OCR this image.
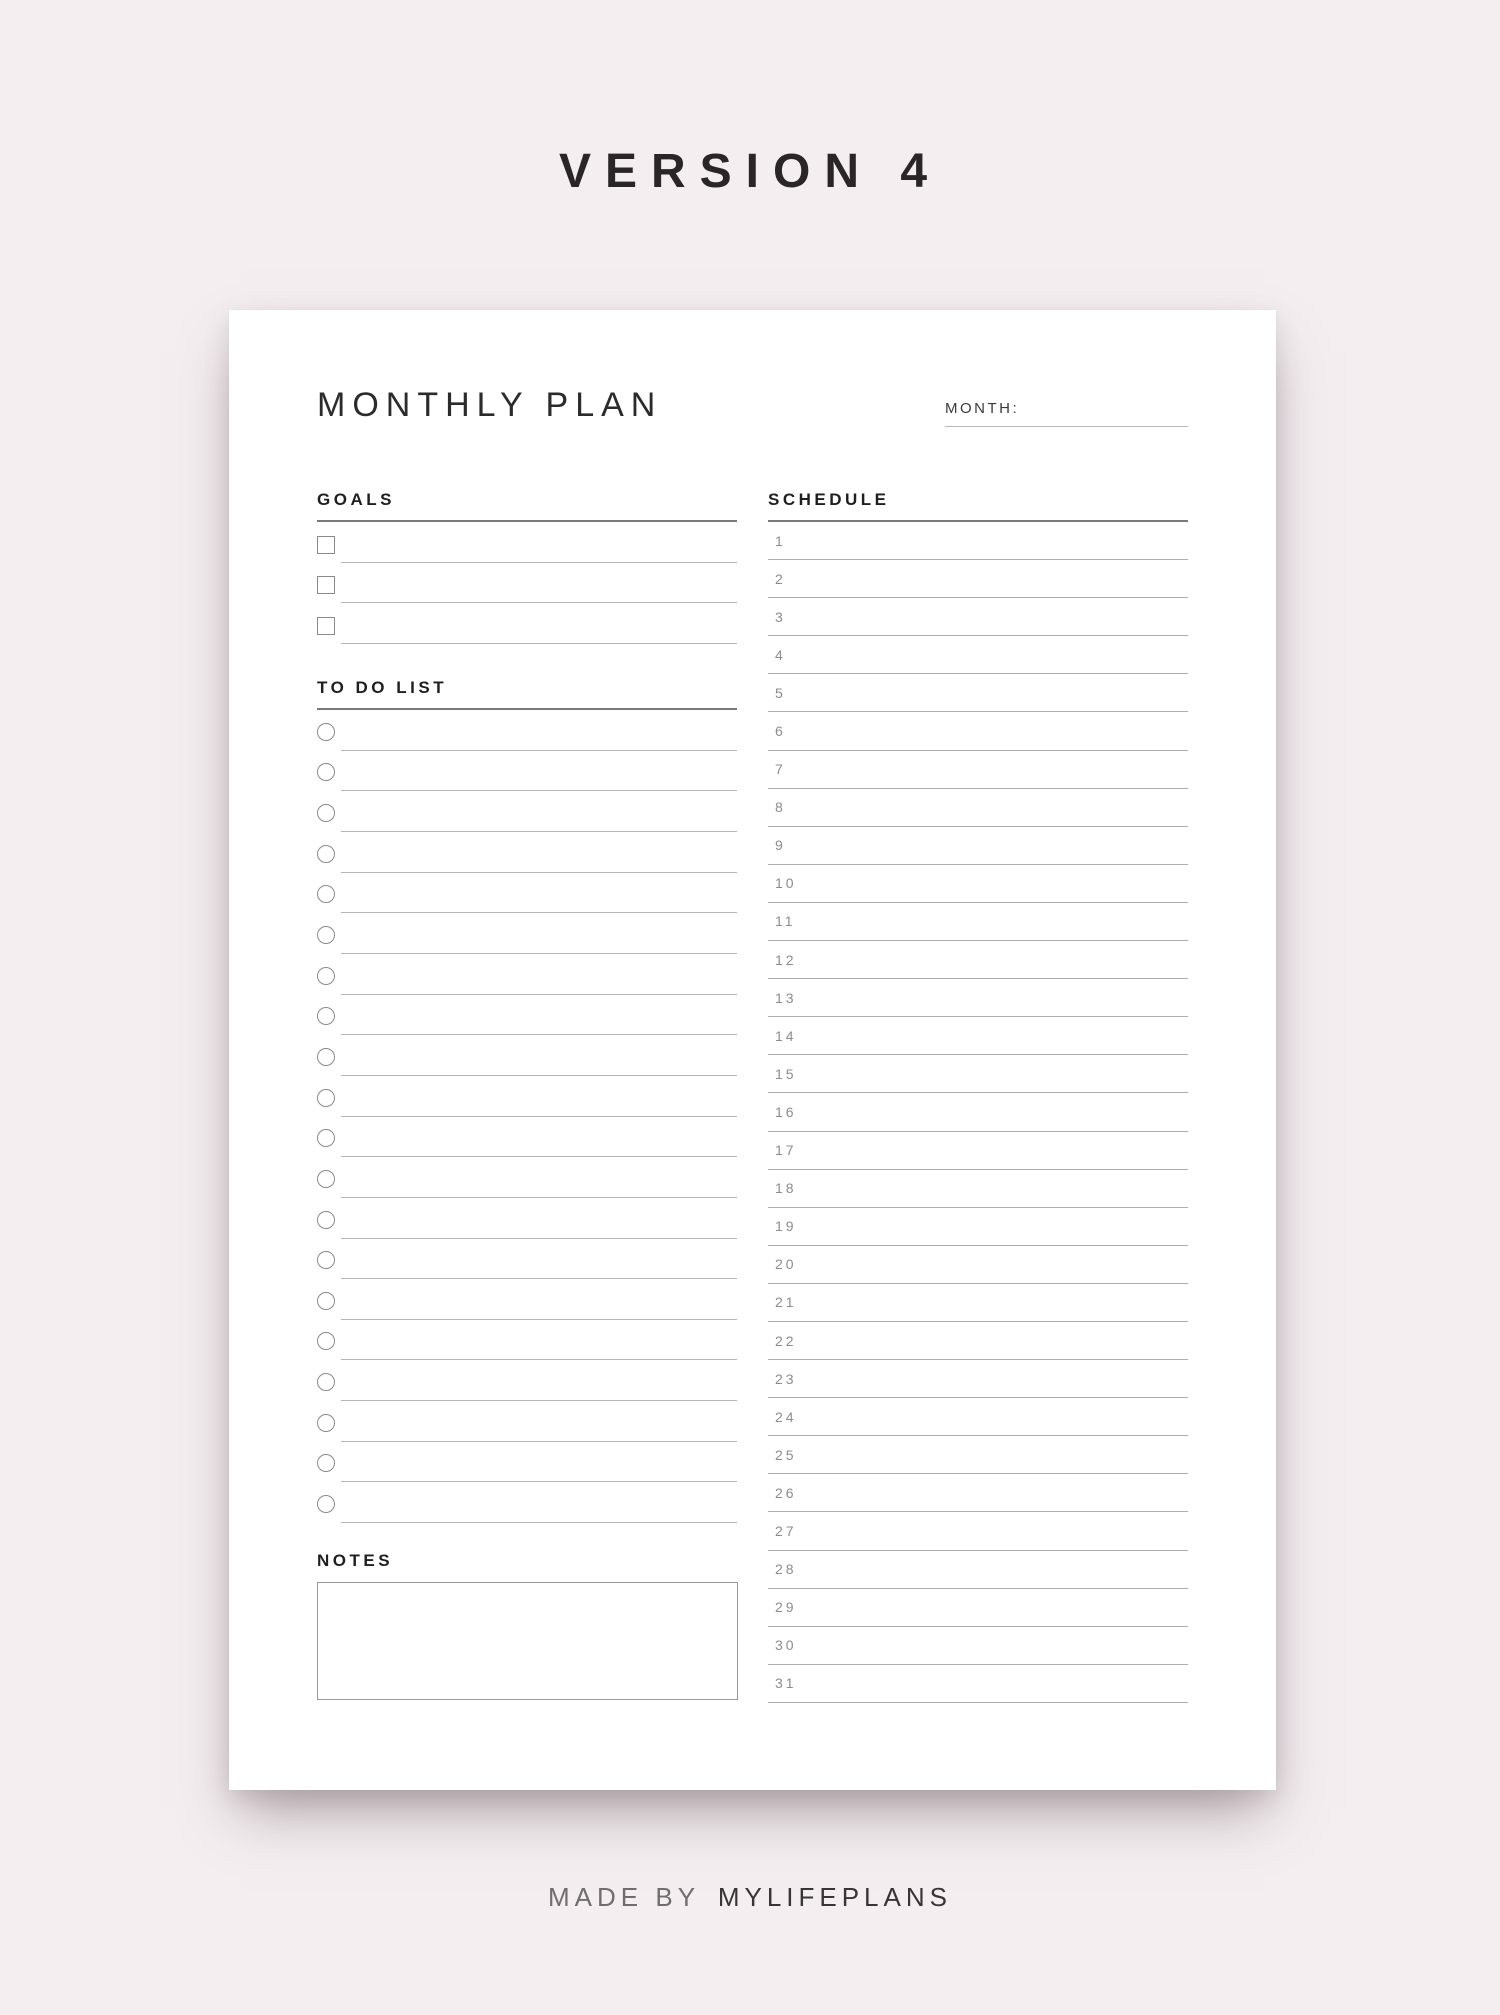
VERSION 4
MONTHLY PLAN	MONTH:
GOALS
TO DO LIST
NOTES
SCHEDULE
1
2
3
4
5
6
7
8
9
10
11
12
13
14
15
16
17
18
19
20
21
22
23
24
25
26
27
28
29
30
31
MADE BY MYLIFEPLANS
